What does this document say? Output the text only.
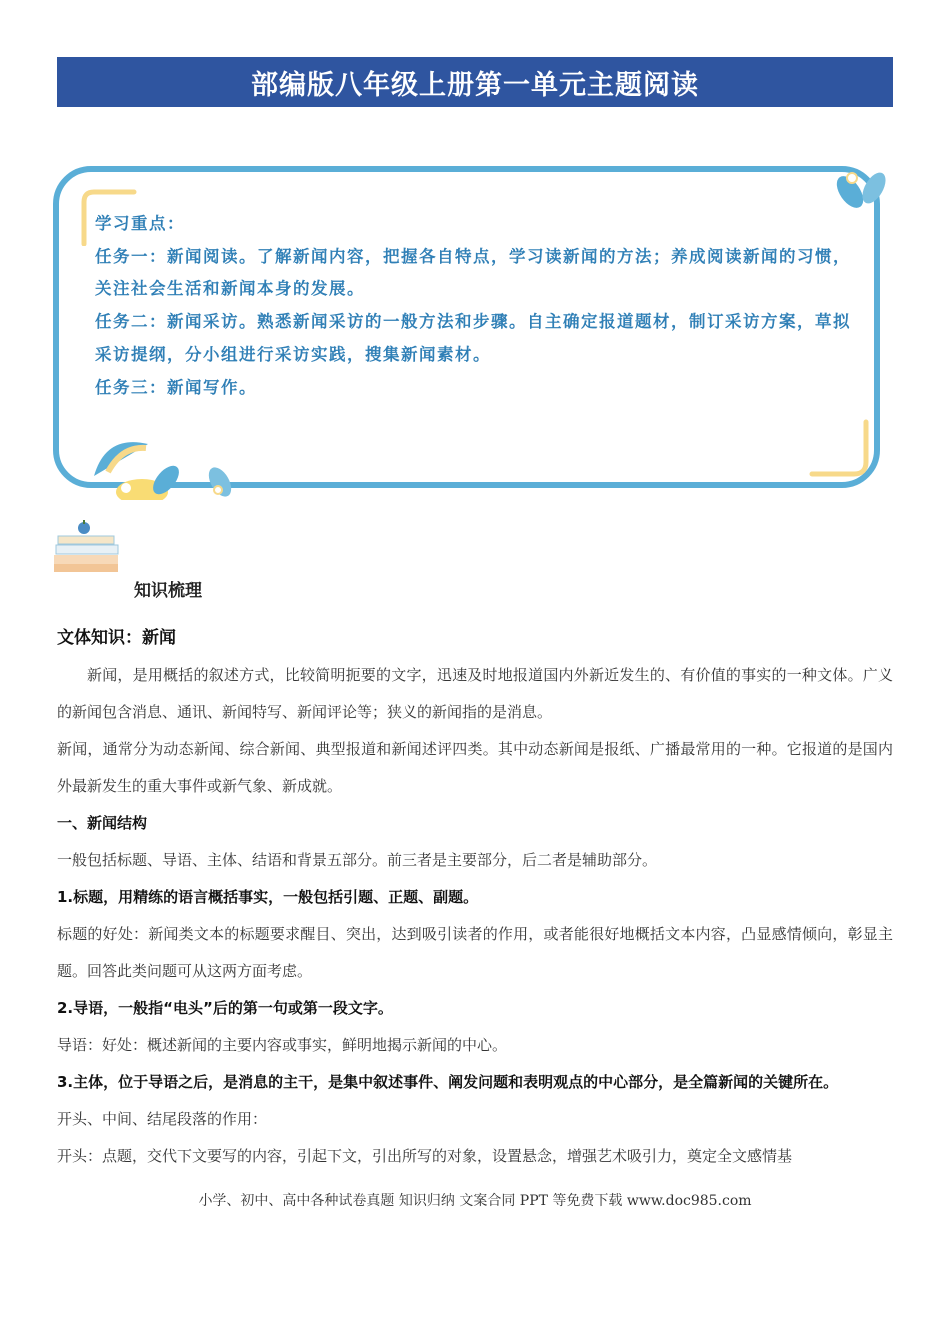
部编版八年级上册第一单元主题阅读

学习重点：

任务一：新闻阅读。了解新闻内容，把握各自特点，学习读新闻的方法；养成阅读新闻的习惯，关注社会生活和新闻本身的发展。

任务二：新闻采访。熟悉新闻采访的一般方法和步骤。自主确定报道题材，制订采访方案，草拟采访提纲，分小组进行采访实践，搜集新闻素材。

任务三：新闻写作。

知识梳理

文体知识：新闻

新闻，是用概括的叙述方式，比较简明扼要的文字，迅速及时地报道国内外新近发生的、有价值的事实的一种文体。广义的新闻包含消息、通讯、新闻特写、新闻评论等；狭义的新闻指的是消息。

新闻，通常分为动态新闻、综合新闻、典型报道和新闻述评四类。其中动态新闻是报纸、广播最常用的一种。它报道的是国内外最新发生的重大事件或新气象、新成就。

一、新闻结构

一般包括标题、导语、主体、结语和背景五部分。前三者是主要部分，后二者是辅助部分。

1.标题，用精练的语言概括事实，一般包括引题、正题、副题。

标题的好处：新闻类文本的标题要求醒目、突出，达到吸引读者的作用，或者能很好地概括文本内容，凸显感情倾向，彰显主题。回答此类问题可从这两方面考虑。

2.导语，一般指“电头”后的第一句或第一段文字。

导语：好处：概述新闻的主要内容或事实，鲜明地揭示新闻的中心。

3.主体，位于导语之后，是消息的主干，是集中叙述事件、阐发问题和表明观点的中心部分，是全篇新闻的关键所在。

开头、中间、结尾段落的作用：

开头：点题，交代下文要写的内容，引起下文，引出所写的对象，设置悬念，增强艺术吸引力，奠定全文感情基

小学、初中、高中各种试卷真题 知识归纳 文案合同 PPT 等免费下载 www.doc985.com
